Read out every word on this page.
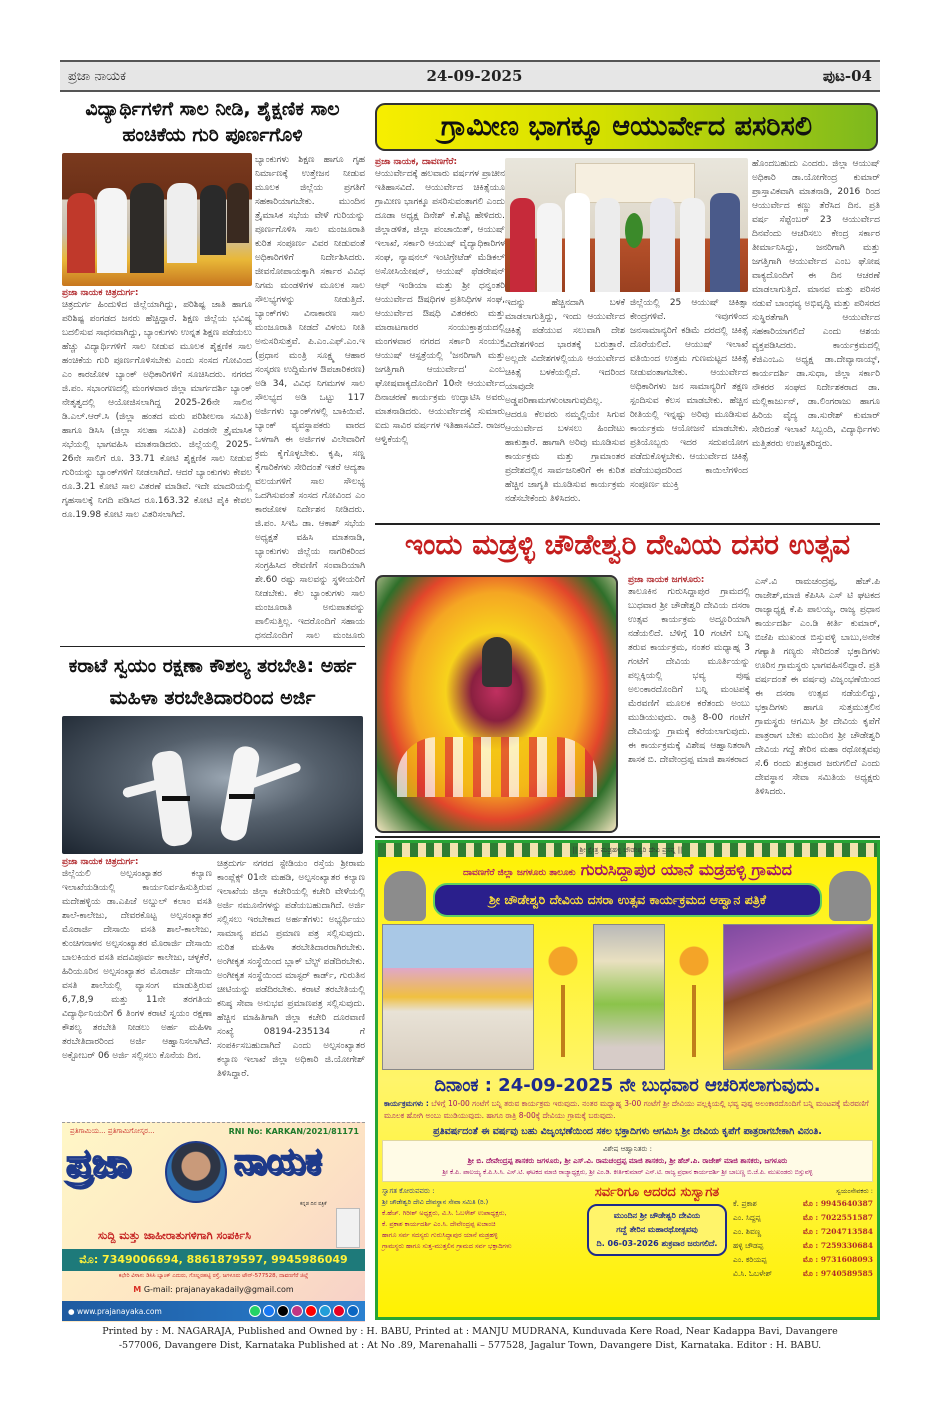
ಪ್ರಜಾ ನಾಯಕ	24-09-2025	ಪುಟ-04
ವಿದ್ಯಾರ್ಥಿಗಳಿಗೆ ಸಾಲ ನೀಡಿ, ಶೈಕ್ಷಣಿಕ ಸಾಲ ಹಂಚಿಕೆಯ ಗುರಿ ಪೂರ್ಣಗೊಳಿ
ಬ್ಯಾಂಕುಗಳು ಶಿಕ್ಷಣ ಹಾಗೂ ಗೃಹ ನಿರ್ಮಾಣಕ್ಕೆ ಉತ್ತೇಜನ ನೀಡುವ ಮೂಲಕ ಜಿಲ್ಲೆಯ ಪ್ರಗತಿಗೆ ಸಹಕಾರಿಯಾಗಬೇಕು. ಮುಂದಿನ ತ್ರೈಮಾಸಿಕ ಸಭೆಯ ವೇಳೆ ಗುರಿಯನ್ನು ಪೂರ್ಣಗೊಳಿಸಿ ಸಾಲ ಮಂಜೂರಾತಿ ಕುರಿತ ಸಂಪೂರ್ಣ ವಿವರ ನೀಡುವಂತೆ ಅಧಿಕಾರಿಗಳಿಗೆ ನಿರ್ದೇಶಿಸಿದರು. ಜೀವನೋಪಾಯಕ್ಕಾಗಿ ಸರ್ಕಾರ ವಿವಿಧ ನಿಗಮ ಮಂಡಳಿಗಳ ಮೂಲಕ ಸಾಲ ಸೌಲಭ್ಯಗಳನ್ನು ನೀಡುತ್ತಿದೆ. ಬ್ಯಾಂಕ್‌ಗಳು ವಿನಾಕಾರಣ ಸಾಲ ಮಂಜೂರಾತಿ ನೀಡದೆ ವಿಳಂಬ ನೀತಿ ಅನುಸರಿಸುತ್ತವೆ. ಪಿ.ಎಂ.ಎಫ್.ಎಂ.ಇ (ಪ್ರಧಾನ ಮಂತ್ರಿ ಸೂಕ್ಷ್ಮ ಆಹಾರ ಸಂಸ್ಕರಣ ಉದ್ದಿಮೆಗಳ ಔಪಚಾರಿಕರಣ) ಅಡಿ 34, ವಿವಿಧ ನಿಗಮಗಳ ಸಾಲ ಸೌಲಭ್ಯದ ಅಡಿ ಒಟ್ಟು 117 ಅರ್ಜಿಗಳು ಬ್ಯಾಂಕ್‌ಗಳಲ್ಲಿ ಬಾಕಿಯಿವೆ. ಬ್ಯಾಂಕ್ ವ್ಯವಸ್ಥಾಪಕರು ವಾರದ ಒಳಗಾಗಿ ಈ ಅರ್ಜಿಗಳ ವಿಲೇವಾರಿಗೆ ಕ್ರಮ ಕೈಗೊಳ್ಳಬೇಕು. ಕೃಷಿ, ಸಣ್ಣ ಕೈಗಾರಿಕೆಗಳು ಸೇರಿದಂತೆ ಇತರೆ ಆದ್ಯತಾ ವಲಯಗಳಿಗೆ ಸಾಲ ಸೌಲಭ್ಯ ಒದಗಿಸುವಂತೆ ಸಂಸದ ಗೋವಿಂದ ಎಂ ಕಾರಜೋಳ ನಿರ್ದೇಶನ ನೀಡಿದರು. ಜಿ.ಪಂ. ಸಿಇಓ ಡಾ. ಆಕಾಶ್ ಸಭೆಯ ಅಧ್ಯಕ್ಷತೆ ವಹಿಸಿ ಮಾತನಾಡಿ, ಬ್ಯಾಂಕುಗಳು ಜಿಲ್ಲೆಯ ನಾಗರಿಕರಿಂದ ಸಂಗ್ರಹಿಸಿದ ಠೇವಣಿಗೆ ಸಂವಾದಿಯಾಗಿ ಶೇ.60 ರಷ್ಟು ಸಾಲವನ್ನು ಸ್ಥಳೀಯರಿಗೆ ನೀಡಬೇಕು. ಕೆಲ ಬ್ಯಾಂಕುಗಳು ಸಾಲ ಮಂಜೂರಾತಿ ಅನುಪಾತವನ್ನು ಪಾಲಿಸುತ್ತಿಲ್ಲ. ಇದರೊಂದಿಗೆ ಸಹಾಯ ಧನದೊಂದಿಗೆ ಸಾಲ ಮಂಜೂರು
ಪ್ರಜಾ ನಾಯಕ ಚಿತ್ರದುರ್ಗ:
ಚಿತ್ರದುರ್ಗ ಹಿಂದುಳಿದ ಜಿಲ್ಲೆಯಾಗಿದ್ದು, ಪರಿಶಿಷ್ಟ ಜಾತಿ ಹಾಗೂ ಪರಿಶಿಷ್ಟ ಪಂಗಡದ ಜನರು ಹೆಚ್ಚಿದ್ದಾರೆ. ಶಿಕ್ಷಣ ಜಿಲ್ಲೆಯ ಭವಿಷ್ಯ ಬದಲಿಸುವ ಸಾಧನವಾಗಿದ್ದು, ಬ್ಯಾಂಕುಗಳು ಉನ್ನತ ಶಿಕ್ಷಣ ಪಡೆಯಲು ಹೆಚ್ಚು ವಿದ್ಯಾರ್ಥಿಗಳಿಗೆ ಸಾಲ ನೀಡುವ ಮೂಲಕ ಶೈಕ್ಷಣಿಕ ಸಾಲ ಹಂಚಿಕೆಯ ಗುರಿ ಪೂರ್ಣಗೊಳಿಸಬೇಕು ಎಂದು ಸಂಸದ ಗೋವಿಂದ ಎಂ ಕಾರಜೋಳ ಬ್ಯಾಂಕ್ ಅಧಿಕಾರಿಗಳಿಗೆ ಸೂಚಿಸಿದರು. ನಗರದ ಜಿ.ಪಂ. ಸಭಾಂಗಣದಲ್ಲಿ ಮಂಗಳವಾರ ಜಿಲ್ಲಾ ಮಾರ್ಗದರ್ಶಿ ಬ್ಯಾಂಕ್ ನೇತೃತ್ವದಲ್ಲಿ ಆಯೋಜಿಸಲಾಗಿದ್ದ 2025-26ನೇ ಸಾಲಿನ ಡಿ.ಎಲ್.ಆರ್.ಸಿ (ಜಿಲ್ಲಾ ಹಂತದ ಮರು ಪರಿಶೀಲನಾ ಸಮಿತಿ) ಹಾಗೂ ಡಿಸಿಸಿ (ಜಿಲ್ಲಾ ಸಲಹಾ ಸಮಿತಿ) ಎರಡನೇ ತ್ರೈಮಾಸಿಕ ಸಭೆಯಲ್ಲಿ ಭಾಗವಹಿಸಿ ಮಾತನಾಡಿದರು. ಜಿಲ್ಲೆಯಲ್ಲಿ 2025-26ನೇ ಸಾಲಿಗೆ ರೂ. 33.71 ಕೋಟಿ ಶೈಕ್ಷಣಿಕ ಸಾಲ ನೀಡುವ ಗುರಿಯನ್ನು ಬ್ಯಾಂಕ್‌ಗಳಿಗೆ ನೀಡಲಾಗಿದೆ. ಆದರೆ ಬ್ಯಾಂಕುಗಳು ಕೇವಲ ರೂ.3.21 ಕೋಟಿ ಸಾಲ ವಿತರಣೆ ಮಾಡಿವೆ. ಇದೇ ಮಾದರಿಯಲ್ಲಿ ಗೃಹಸಾಲಕ್ಕೆ ನಿಗದಿ ಪಡಿಸಿದ ರೂ.163.32 ಕೋಟಿ ಪೈಕಿ ಕೇವಲ ರೂ.19.98 ಕೋಟಿ ಸಾಲ ವಿತರಿಸಲಾಗಿದೆ.
ಗ್ರಾಮೀಣ ಭಾಗಕ್ಕೂ ಆಯುರ್ವೇದ ಪಸರಿಸಲಿ
ಪ್ರಜಾ ನಾಯಕ, ದಾವಣಗೆರೆ:
ಆಯುರ್ವೇದಕ್ಕೆ ಹಲವಾರು ವರ್ಷಗಳ ಪ್ರಾಚೀನ ಇತಿಹಾಸವಿದೆ. ಆಯುರ್ವೇದ ಚಿಕಿತ್ಸೆಯೂ ಗ್ರಾಮೀಣ ಭಾಗಕ್ಕೂ ಪಸರಿಸುವಂತಾಗಲಿ ಎಂದು ದೂಡಾ ಅಧ್ಯಕ್ಷ ದಿನೇಶ್ ಕೆ.ಶೆಟ್ಟಿ ಹೇಳಿದರು. ಜಿಲ್ಲಾಡಳಿತ, ಜಿಲ್ಲಾ ಪಂಚಾಯಿತ್, ಆಯುಷ್ ಇಲಾಖೆ, ಸರ್ಕಾರಿ ಆಯುಷ್ ವೈದ್ಯಾಧಿಕಾರಿಗಳ ಸಂಘ, ನ್ಯಾಷನಲ್ ಇಂಟಿಗ್ರೇಟೆಡ್ ಮೆಡಿಕಲ್ ಅಸೋಸಿಯೇಷನ್, ಆಯುಷ್ ಫೆಡರೇಷನ್ ಆಫ್ ಇಂಡಿಯಾ ಮತ್ತು ಶ್ರೀ ಧನ್ವಂತರಿ ಆಯುರ್ವೇದ ಔಷಧಿಗಳ ಪ್ರತಿನಿಧಿಗಳ ಸಂಘ, ಆಯುರ್ವೇದ ಔಷಧಿ ವಿತರಕರು ಮತ್ತು ಮಾರಾಟಗಾರರ ಸಂಯುಕ್ತಾಶ್ರಯದಲ್ಲಿ ಮಂಗಳವಾರ ನಗರದ ಸರ್ಕಾರಿ ಸಂಯುಕ್ತ ಆಯುಷ್ ಆಸ್ಪತ್ರೆಯಲ್ಲಿ 'ಜನರಿಗಾಗಿ ಮತ್ತು ಜಗತ್ತಿಗಾಗಿ ಆಯುರ್ವೇದ' ಎಂಬ ಘೋಷವಾಕ್ಯದೊಂದಿಗೆ 10ನೇ ಆಯುರ್ವೇದ ದಿನಾಚರಣೆ ಕಾರ್ಯಕ್ರಮ ಉದ್ಘಾಟಿಸಿ ಅವರು ಮಾತನಾಡಿದರು. ಆಯುರ್ವೇದಕ್ಕೆ ಸುಮಾರು ಐದು ಸಾವಿರ ವರ್ಷಗಳ ಇತಿಹಾಸವಿದೆ. ರಾಜರ ಆಳ್ವಿಕೆಯಲ್ಲಿ
ಹೊಂದಬಹುದು ಎಂದರು. ಜಿಲ್ಲಾ ಆಯುಷ್ ಅಧಿಕಾರಿ ಡಾ.ಯೋಗೇಂದ್ರ ಕುಮಾರ್ ಪ್ರಾಸ್ತಾವಿಕವಾಗಿ ಮಾತನಾಡಿ, 2016 ರಿಂದ ಆಯುರ್ವೇದ ಕಣ್ಣು ತೆರೆಸಿದ ದಿನ. ಪ್ರತಿ ವರ್ಷ ಸೆಪ್ಟೆಂಬರ್ 23 ಆಯುರ್ವೇದ ದಿನವೆಂದು ಆಚರಿಸಲು ಕೇಂದ್ರ ಸರ್ಕಾರ ತೀರ್ಮಾನಿಸಿದ್ದು, ಜನರಿಗಾಗಿ ಮತ್ತು ಜಗತ್ತಿಗಾಗಿ ಆಯುರ್ವೇದ ಎಂಬ ಘೋಷ ವಾಕ್ಯದೊಂದಿಗೆ ಈ ದಿನ ಆಚರಣೆ ಮಾಡಲಾಗುತ್ತಿದೆ. ಮಾನವ ಮತ್ತು ಪರಿಸರ ನಡುವೆ ಬಾಂಧವ್ಯ ಅಭಿವೃದ್ಧಿ ಮತ್ತು ಪರಿಸರದ ಸುಸ್ಥಿರತೆಗಾಗಿ ಆಯುರ್ವೇದ ಸಹಕಾರಿಯಾಗಲಿದೆ ಎಂದು ಆಶಯ ವ್ಯಕ್ತಪಡಿಸಿದರು. ಕಾರ್ಯಕ್ರಮದಲ್ಲಿ ಕೆಜಿಎಂಒಎ ಅಧ್ಯಕ್ಷ ಡಾ.ದೇವ್ಯಾನಾಯ್ಕ್, ಕಾರ್ಯದರ್ಶಿ ಡಾ.ಸುಧಾ, ಜಿಲ್ಲಾ ಸರ್ಕಾರಿ ನೌಕರರ ಸಂಘದ ನಿರ್ದೇಶಕರಾದ ಡಾ. ಮಲ್ಲಿಕಾರ್ಜುನ್, ಡಾ.ಲಿಂಗರಾಜು ಹಾಗೂ ಹಿರಿಯ ವೈದ್ಯ ಡಾ.ಸುರೇಶ್ ಕುಮಾರ್ ಸೇರಿದಂತೆ ಇಲಾಖೆ ಸಿಬ್ಬಂದಿ, ವಿದ್ಯಾರ್ಥಿಗಳು ಮತ್ತಿತರರು ಉಪಸ್ಥಿತರಿದ್ದರು.
ಇದನ್ನು ಹೆಚ್ಚಿನದಾಗಿ ಬಳಕೆ ಮಾಡಲಾಗುತ್ತಿದ್ದು, ಇಂದು ಆಯುರ್ವೇದ ಚಿಕಿತ್ಸೆ ಪಡೆಯುವ ಸಲುವಾಗಿ ದೇಶ ವಿದೇಶಗಳಿಂದ ಭಾರತಕ್ಕೆ ಬರುತ್ತಾರೆ. ಅಲ್ಲದೇ ವಿದೇಶಗಳಲ್ಲಿಯೂ ಆಯುರ್ವೇದ ಚಿಕಿತ್ಸೆ ಬಳಕೆಯಲ್ಲಿದೆ. ಇದರಿಂದ ಯಾವುದೇ ಅಡ್ಡಪರಿಣಾಮಗಳುಂಟಾಗುವುದಿಲ್ಲ. ಆದರೂ ಕೆಲವರು ನಮ್ಮಲ್ಲಿಯೇ ಸಿಗುವ ಆಯುರ್ವೇದ ಬಳಸಲು ಹಿಂದೇಟು ಹಾಕುತ್ತಾರೆ. ಹಾಗಾಗಿ ಅರಿವು ಮೂಡಿಸುವ ಕಾರ್ಯಕ್ರಮ ಮತ್ತು ಗ್ರಾಮಾಂತರ ಪ್ರದೇಶದಲ್ಲಿನ ಸಾರ್ವಜನಿಕರಿಗೆ ಈ ಕುರಿತ ಹೆಚ್ಚಿನ ಜಾಗೃತಿ ಮೂಡಿಸುವ ಕಾರ್ಯಕ್ರಮ ನಡೆಸಬೇಕೆಂದು ತಿಳಿಸಿದರು.
ಜಿಲ್ಲೆಯಲ್ಲಿ 25 ಆಯುಷ್ ಚಿಕಿತ್ಸಾ ಕೇಂದ್ರಗಳಿವೆ. ಇವುಗಳಿಂದ ಜನಸಾಮಾನ್ಯರಿಗೆ ಕಡಿಮೆ ದರದಲ್ಲಿ ಚಿಕಿತ್ಸೆ ದೊರೆಯಲಿದೆ. ಆಯುಷ್ ಇಲಾಖೆ ವತಿಯಿಂದ ಉತ್ತಮ ಗುಣಮಟ್ಟದ ಚಿಕಿತ್ಸೆ ನೀಡುವಂತಾಗಬೇಕು. ಆಯುರ್ವೇದ ಅಧಿಕಾರಿಗಳು ಜನ ಸಾಮಾನ್ಯರಿಗೆ ತಕ್ಷಣ ಸ್ಪಂದಿಸುವ ಕೆಲಸ ಮಾಡಬೇಕು. ಹೆಚ್ಚಿನ ರೀತಿಯಲ್ಲಿ ಇನ್ನಷ್ಟು ಅರಿವು ಮೂಡಿಸುವ ಕಾರ್ಯಕ್ರಮ ಆಯೋಜನೆ ಮಾಡಬೇಕು. ಪ್ರತಿಯೊಬ್ಬರು ಇದರ ಸದುಪಯೋಗ ಪಡೆದುಕೊಳ್ಳಬೇಕು. ಆಯುರ್ವೇದ ಚಿಕಿತ್ಸೆ ಪಡೆಯುವುದರಿಂದ ಕಾಯಿಲೆಗಳಿಂದ ಸಂಪೂರ್ಣ ಮುಕ್ತಿ
ಇಂದು ಮಡ್ರಳ್ಳಿ ಚೌಡೇಶ್ವರಿ ದೇವಿಯ ದಸರ ಉತ್ಸವ
ಪ್ರಜಾ ನಾಯಕ ಜಗಳೂರು:
ತಾಲೂಕಿನ ಗುರುಸಿದ್ದಾಪುರ ಗ್ರಾಮದಲ್ಲಿ ಬುಧವಾರ ಶ್ರೀ ಚೌಡೇಶ್ವರಿ ದೇವಿಯ ದಸರಾ ಉತ್ಸವ ಕಾರ್ಯಕ್ರಮ ಅದ್ದೂರಿಯಾಗಿ ನಡೆಯಲಿದೆ. ಬೆಳಿಗ್ಗೆ 10 ಗಂಟೆಗೆ ಬನ್ನಿ ತರುವ ಕಾರ್ಯಕ್ರಮ, ನಂತರ ಮಧ್ಯಾಹ್ನ 3 ಗಂಟೆಗೆ ದೇವಿಯ ಮೂರ್ತಿಯನ್ನು ಪಲ್ಲಕ್ಕಿಯಲ್ಲಿ ಭವ್ಯ ಪುಷ್ಪ ಅಲಂಕಾರದೊಂದಿಗೆ ಬನ್ನಿ ಮಂಟಪಕ್ಕೆ ಮೆರವಣಿಗೆ ಮೂಲಕ ಕರೆತಂದು ಅಂಬು ಮುಡಿಯುವುದು. ರಾತ್ರಿ 8-00 ಗಂಟೆಗೆ ದೇವಿಯನ್ನು ಗ್ರಾಮಕ್ಕೆ ಕರೆಯಲಾಗುವುದು. ಈ ಕಾರ್ಯಕ್ರಮಕ್ಕೆ ವಿಶೇಷ ಆಹ್ವಾನಿತರಾಗಿ ಶಾಸಕ ಬಿ. ದೇವೇಂದ್ರಪ್ಪ ಮಾಜಿ ಶಾಸಕರಾದ
ಎಸ್.ವಿ ರಾಮಚಂದ್ರಪ್ಪ, ಹೆಚ್.ಪಿ ರಾಜೇಶ್,ಮಾಜಿ ಕೆಪಿಸಿಸಿ ಎಸ್ ಟಿ ಘಟಕದ ರಾಜ್ಯಾಧ್ಯಕ್ಷ ಕೆ.ಪಿ ಪಾಲಯ್ಯ, ರಾಜ್ಯ ಪ್ರಧಾನ ಕಾರ್ಯದರ್ಶಿ ಎಂ.ಡಿ ಕೀರ್ತಿ ಕುಮಾರ್, ಬಿಜೆಪಿ ಮುಖಂಡ ಬಿಸ್ತುವಳ್ಳಿ ಬಾಬು,ಅನೇಕ ಗಣ್ಯಾತಿ ಗಣ್ಯರು ಸೇರಿದಂತೆ ಭಕ್ತಾದಿಗಳು ಊರಿನ ಗ್ರಾಮಸ್ಥರು ಭಾಗವಹಿಸಲಿದ್ದಾರೆ. ಪ್ರತಿ ವರ್ಷದಂತೆ ಈ ವರ್ಷವು ವಿಜೃಂಭಣೆಯಿಂದ ಈ ದಸರಾ ಉತ್ಸವ ನಡೆಯಲಿದ್ದು, ಭಕ್ತಾದಿಗಳು ಹಾಗೂ ಸುತ್ತಮುತ್ತಲಿನ ಗ್ರಾಮಸ್ಥರು ಆಗಮಿಸಿ ಶ್ರೀ ದೇವಿಯ ಕೃಪೆಗೆ ಪಾತ್ರರಾಗ ಬೇಕು ಮುಂದಿನ ಶ್ರೀ ಚೌಡೇಶ್ವರಿ ದೇವಿಯ ಗದ್ದೆ ತೇರಿನ ಮಹಾ ರಥೋತ್ಸವವು ಸೆ.6 ರಂದು ಶುಕ್ರವಾರ ಜರುಗಲಿದೆ ಎಂದು ದೇವಸ್ಥಾನ ಸೇವಾ ಸಮಿತಿಯ ಅಧ್ಯಕ್ಷರು ತಿಳಿಸಿದರು.
ಕರಾಟೆ ಸ್ವಯಂ ರಕ್ಷಣಾ ಕೌಶಲ್ಯ ತರಬೇತಿ: ಅರ್ಹ ಮಹಿಳಾ ತರಬೇತಿದಾರರಿಂದ ಅರ್ಜಿ
ಪ್ರಜಾ ನಾಯಕ ಚಿತ್ರದುರ್ಗ:
ಜಿಲ್ಲೆಯಲಿ ಅಲ್ಪಸಂಖ್ಯಾತರ ಕಲ್ಯಾಣ ಇಲಾಖೆಯಡಿಯಲ್ಲಿ ಕಾರ್ಯನಿರ್ವಹಿಸುತ್ತಿರುವ ಮದೇಹಳ್ಳಿಯ ಡಾ.ಎಪಿಜೆ ಅಬ್ದುಲ್ ಕಲಾಂ ವಸತಿ ಶಾಲೆ-ಕಾಲೇಜು, ದೇವರಕೊಟ್ಟ ಅಲ್ಪಸಂಖ್ಯಾತರ ಮೊರಾರ್ಜಿ ದೇಸಾಯಿ ವಸತಿ ಶಾಲೆ-ಕಾಲೇಜು, ಕುಂಚಿಗನಾಳನ ಅಲ್ಪಸಂಖ್ಯಾತರ ಮೊರಾರ್ಜಿ ದೇಸಾಯಿ ಬಾಲಕಿಯರ ವಸತಿ ಪದವಿಪೂರ್ವ ಕಾಲೇಜು, ಚಳ್ಳಕೆರೆ, ಹಿರಿಯೂರಿನ ಅಲ್ಪಸಂಖ್ಯಾತರ ಮೊರಾರ್ಜಿ ದೇಸಾಯಿ ವಸತಿ ಶಾಲೆಯಲ್ಲಿ ವ್ಯಾಸಂಗ ಮಾಡುತ್ತಿರುವ 6,7,8,9 ಮತ್ತು 11ನೇ ತರಗತಿಯ ವಿದ್ಯಾರ್ಥಿನಿಯರಿಗೆ 6 ತಿಂಗಳ ಕರಾಟೆ ಸ್ವಯಂ ರಕ್ಷಣಾ ಕೌಶಲ್ಯ ತರಬೇತಿ ನೀಡಲು ಅರ್ಹ ಮಹಿಳಾ ತರಬೇತಿದಾರರಿಂದ ಅರ್ಜಿ ಆಹ್ವಾನಿಸಲಾಗಿದೆ. ಅಕ್ಟೋಬರ್ 06 ಅರ್ಜಿ ಸಲ್ಲಿಸಲು ಕೊನೆಯ ದಿನ.
ಚಿತ್ರದುರ್ಗ ನಗರದ ಸ್ಟೇಡಿಯಂ ರಸ್ತೆಯ ಶ್ರೀರಾಮ ಕಾಂಪ್ಲೆಕ್ಸ್ 01ನೇ ಮಹಡಿ, ಅಲ್ಪಸಂಖ್ಯಾತರ ಕಲ್ಯಾಣ ಇಲಾಖೆಯ ಜಿಲ್ಲಾ ಕಚೇರಿಯಲ್ಲಿ ಕಚೇರಿ ವೇಳೆಯಲ್ಲಿ ಅರ್ಜಿ ನಮೂನೆಗಳನ್ನು ಪಡೆಯಬಹುದಾಗಿದೆ. ಅರ್ಜಿ ಸಲ್ಲಿಸಲು ಇರಬೇಕಾದ ಅರ್ಹತೆಗಳು: ಅಭ್ಯರ್ಥಿಯು ಸಾಮಾನ್ಯ ಪದವಿ ಪ್ರಮಾಣ ಪತ್ರ ಸಲ್ಲಿಸುವುದು. ನುರಿತ ಮಹಿಳಾ ತರಬೇತಿದಾರರಾಗಿರಬೇಕು. ಅಂಗೀಕೃತ ಸಂಸ್ಥೆಯಿಂದ ಬ್ಲಾಕ್ ಬೆಲ್ಟ್ ಪಡೆದಿರಬೇಕು. ಅಂಗೀಕೃತ ಸಂಸ್ಥೆಯಿಂದ ಮಾಸ್ಟರ್ ಕಾರ್ಡ್, ಗುರುತಿನ ಚೀಟಿಯನ್ನು ಪಡೆದಿರಬೇಕು. ಕರಾಟೆ ತರಬೇತಿಯಲ್ಲಿ ಕನಿಷ್ಠ ಸೇವಾ ಅನುಭವ ಪ್ರಮಾಣಪತ್ರ ಸಲ್ಲಿಸುವುದು. ಹೆಚ್ಚಿನ ಮಾಹಿತಿಗಾಗಿ ಜಿಲ್ಲಾ ಕಚೇರಿ ದೂರವಾಣಿ ಸಂಖ್ಯೆ 08194-235134 ಗೆ ಸಂಪರ್ಕಿಸಬಹುದಾಗಿದೆ ಎಂದು ಅಲ್ಪಸಂಖ್ಯಾತರ ಕಲ್ಯಾಣ ಇಲಾಖೆ ಜಿಲ್ಲಾ ಅಧಿಕಾರಿ ಜಿ.ಯೋಗೇಶ್ ತಿಳಿಸಿದ್ದಾರೆ.
|| ಶ್ರೀ ಕ್ಷೇತ್ರ ಮಡ್ರಹಳ್ಳಿ ಚೌಡೇಶ್ವರಿ ದೇವಿ ಪ್ರಸನ್ನ ||
ದಾವಣಗೆರೆ ಜಿಲ್ಲಾ ಜಗಳೂರು ತಾಲೂಕು ಗುರುಸಿದ್ದಾಪುರ ಯಾನೆ ಮಡ್ರಹಳ್ಳಿ ಗ್ರಾಮದ
ಶ್ರೀ ಚೌಡೇಶ್ವರಿ ದೇವಿಯ ದಸರಾ ಉತ್ಸವ ಕಾರ್ಯಕ್ರಮದ ಆಹ್ವಾನ ಪತ್ರಿಕೆ
ದಿನಾಂಕ : 24-09-2025 ನೇ ಬುಧವಾರ ಆಚರಿಸಲಾಗುವುದು.
ಕಾರ್ಯಕ್ರಮಗಳು : ಬೆಳಿಗ್ಗೆ 10-00 ಗಂಟೆಗೆ ಬನ್ನಿ ತರುವ ಕಾರ್ಯಕ್ರಮ ಇರುವುದು. ನಂತರ ಮಧ್ಯಾಹ್ನ 3-00 ಗಂಟೆಗೆ ಶ್ರೀ ದೇವಿಯು ಪಲ್ಲಕ್ಕಿಯಲ್ಲಿ ಭವ್ಯ ಪುಷ್ಪ ಅಲಂಕಾರದೊಂದಿಗೆ ಬನ್ನಿ ಮಂಟಪಕ್ಕೆ ಮೆರವಣಿಗೆ ಮೂಲಕ ಹೋಗಿ ಅಂಬು ಮುಡಿಯುವುದು. ಹಾಗೂ ರಾತ್ರಿ 8-00ಕ್ಕೆ ದೇವಿಯು ಗ್ರಾಮಕ್ಕೆ ಬರುವುದು.
ಪ್ರತಿವರ್ಷದಂತೆ ಈ ವರ್ಷವು ಬಹು ವಿಜೃಂಭಣೆಯಿಂದ ಸಕಲ ಭಕ್ತಾದಿಗಳು ಆಗಮಿಸಿ ಶ್ರೀ ದೇವಿಯ ಕೃಪೆಗೆ ಪಾತ್ರರಾಗಬೇಕಾಗಿ ವಿನಂತಿ.
ವಿಶೇಷ ಆಹ್ವಾನಿತರು :
ಶ್ರೀ ಬಿ. ದೇವೇಂದ್ರಪ್ಪ ಶಾಸಕರು ಜಗಳೂರು, ಶ್ರೀ ಎಸ್.ವಿ. ರಾಮಚಂದ್ರಪ್ಪ ಮಾಜಿ ಶಾಸಕರು, ಶ್ರೀ ಹೆಚ್.ಪಿ. ರಾಜೇಶ್ ಮಾಜಿ ಶಾಸಕರು, ಜಗಳೂರು
ಶ್ರೀ ಕೆ.ಪಿ. ಪಾಲಯ್ಯ ಕೆ.ಪಿ.ಸಿ.ಸಿ. ಎಸ್.ಟಿ. ಘಟಕದ ಮಾಜಿ ರಾಜ್ಯಾಧ್ಯಕ್ಷರು, ಶ್ರೀ ಎಂ.ಡಿ. ಕೀರ್ತಿಕುಮಾರ್ ಎಸ್.ಟಿ. ರಾಜ್ಯ ಪ್ರಧಾನ ಕಾರ್ಯದರ್ಶಿ ಶ್ರೀ ಬಾಬಣ್ಣ ಬಿ.ಜೆ.ಪಿ. ಮುಖಂಡರು ಬಿಸ್ತುವಳ್ಳಿ
ಸ್ವಾಗತ ಕೋರುವವರು :
ಶ್ರೀ ಚೌಡೇಶ್ವರಿ ದೇವಿ ದೇವಸ್ಥಾನ ಸೇವಾ ಸಮಿತಿ (ರಿ.)
ಕೆ.ಹೆಚ್. ಗಿರೀಶ್ ಅಧ್ಯಕ್ಷರು, ವಿ.ಸಿ. ಓಬಳೇಶ್ ಉಪಾಧ್ಯಕ್ಷರು,
ಕೆ. ಪ್ರಕಾಶ ಕಾರ್ಯದರ್ಶಿ ಎಂ.ಸಿ. ದೇವೇಂದ್ರಪ್ಪ ಖಜಾಂಚಿ
ಹಾಗೂ ಸರ್ವ ಸದಸ್ಯರು ಗುರುಸಿದ್ದಾಪುರ ಯಾನೆ ಮಡ್ರಹಳ್ಳಿ
ಗ್ರಾಮಸ್ಥರು ಹಾಗೂ ಸುತ್ತ-ಮುತ್ತಲಿನ ಗ್ರಾಮದ ಸರ್ವ ಭಕ್ತಾದಿಗಳು
ಸರ್ವರಿಗೂ ಆದರದ ಸುಸ್ವಾಗತ
ಮುಂದಿನ ಶ್ರೀ ಚೌಡೇಶ್ವರಿ ದೇವಿಯ
ಗದ್ದೆ ತೇರಿನ ಮಹಾರಥೋತ್ಸವವು
ದಿ. 06-03-2026 ಶುಕ್ರವಾರ ಜರುಗಲಿದೆ.
ಸ್ವಯಂಸೇವಕರು :
ಕೆ. ಪ್ರಕಾಶ	ಮೊ : 9945640387
ಎಂ. ಸಿದ್ದಪ್ಪ	ಮೊ : 7022551587
ಎಂ. ಶಿವಣ್ಣ	ಮೊ : 7204713584
ಹಳ್ಳಿ ಚೌಡಪ್ಪ	ಮೊ : 7259330684
ಎಂ. ಕರಿಯಪ್ಪ	ಮೊ : 9731608093
ವಿ.ಸಿ. ಓಬಳೇಶ್	ಮೊ : 9740589585
ಪ್ರತಿಗಾಮಿಯ... ಪ್ರತಿಗಾಮಿಗೋಸ್ಕರ...	RNI No: KARKAN/2021/81171
ಪ್ರಜಾ	ನಾಯಕ
ಕನ್ನಡ ದಿನ ಪತ್ರಿಕೆ
ಸುದ್ದಿ ಮತ್ತು ಜಾಹೀರಾತುಗಳಿಗಾಗಿ ಸಂಪರ್ಕಿಸಿ
ಮೊ: 7349006694, 8861879597, 9945986049
ಕಛೇರಿ ವಿಳಾಸ: ಡಿಸಿಸಿ ಬ್ಯಾಂಕ್ ಎದುರು, ಗೊಲ್ಲರಹಟ್ಟಿ ರಸ್ತೆ, ಜಗಳೂರು ಟೌನ್-577528, ದಾವಣಗೆರೆ ಜಿಲ್ಲೆ
M G-mail: prajanayakadaily@gmail.com
● www.prajanayaka.com
Printed by : M. NAGARAJA, Published and Owned by : H. BABU, Printed at : MANJU MUDRANA, Kunduvada Kere Road, Near Kadappa Bavi, Davangere
-577006, Davangere Dist, Karnataka Published at : At No .89, Marenahalli – 577528, Jagalur Town, Davangere Dist, Karnataka. Editor : H. BABU.
